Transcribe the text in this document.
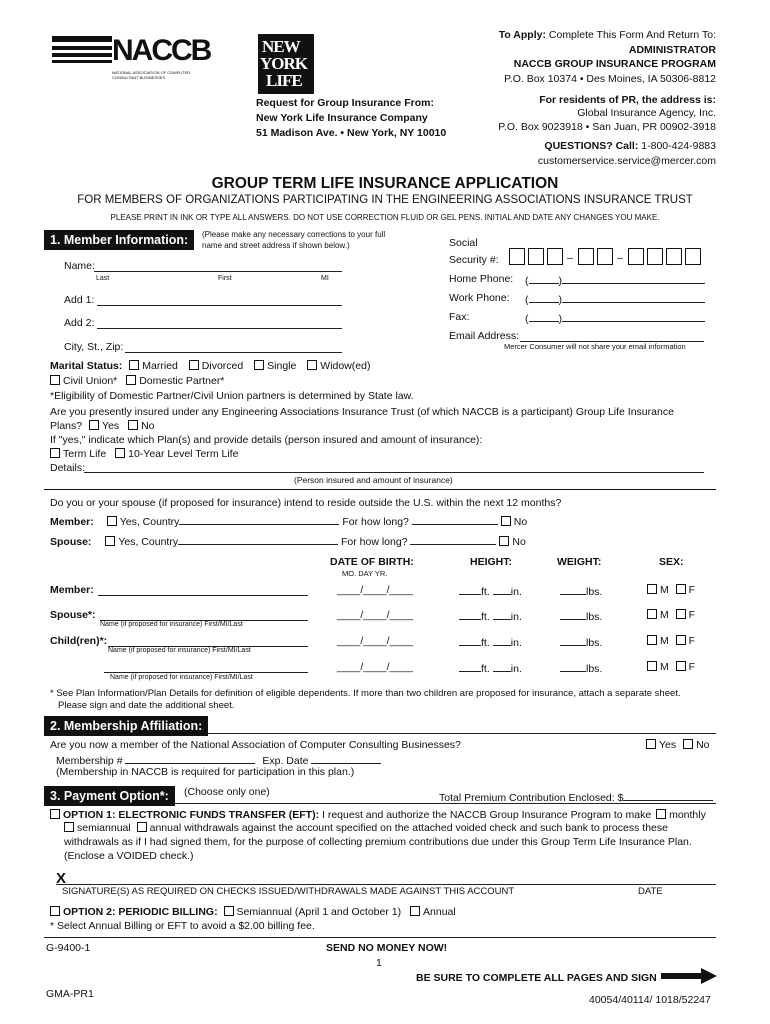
NACCB
NATIONAL ASSOCIATION OF COMPUTER CONSULTANT BUSINESSES
NEW
YORK
LIFE
Request for Group Insurance From:
New York Life Insurance Company
51 Madison Ave. • New York, NY 10010
To Apply: Complete This Form And Return To:
ADMINISTRATOR
NACCB GROUP INSURANCE PROGRAM
P.O. Box 10374 • Des Moines, IA 50306-8812
For residents of PR, the address is:
Global Insurance Agency, Inc.
P.O. Box 9023918 • San Juan, PR 00902-3918
QUESTIONS? Call: 1-800-424-9883
customerservice.service@mercer.com
GROUP TERM LIFE INSURANCE APPLICATION
FOR MEMBERS OF ORGANIZATIONS PARTICIPATING IN THE ENGINEERING ASSOCIATIONS INSURANCE TRUST
PLEASE PRINT IN INK OR TYPE ALL ANSWERS. DO NOT USE CORRECTION FLUID OR GEL PENS. INITIAL AND DATE ANY CHANGES YOU MAKE.
1. Member Information:	(Please make any necessary corrections to your full name and street address if shown below.)
Name:
Last	First	MI
Add 1:
Add 2:
City, St., Zip:
Social
Security #:	–	–
Home Phone: (	)
Work Phone: (	)
Fax:	(	)
Email Address:
Mercer Consumer will not share your email information
Marital Status: Married Divorced Single Widow(ed)
Civil Union* Domestic Partner*
*Eligibility of Domestic Partner/Civil Union partners is determined by State law.
Are you presently insured under any Engineering Associations Insurance Trust (of which NACCB is a participant) Group Life Insurance
Plans? Yes No
If "yes," indicate which Plan(s) and provide details (person insured and amount of insurance):
Term Life 10-Year Level Term Life
Details:
(Person insured and amount of insurance)
Do you or your spouse (if proposed for insurance) intend to reside outside the U.S. within the next 12 months?
Member: Yes, Country	For how long?	No
Spouse:	Yes, Country	For how long?	No
DATE OF BIRTH:
MO. DAY YR.
HEIGHT:	WEIGHT:	SEX:
Member:	____/____/____	ft. in.	lbs.	M F
Spouse*:
Name (if proposed for insurance) First/MI/Last
____/____/____	ft. in.	lbs.	M F
Child(ren)*:
Name (if proposed for insurance) First/MI/Last
____/____/____	ft. in.	lbs.	M F
Name (if proposed for insurance) First/MI/Last
____/____/____	ft. in.	lbs.	M F
* See Plan Information/Plan Details for definition of eligible dependents. If more than two children are proposed for insurance, attach a separate sheet.
Please sign and date the additional sheet.
2. Membership Affiliation:
Are you now a member of the National Association of Computer Consulting Businesses?	Yes No
Membership #	Exp. Date
(Membership in NACCB is required for participation in this plan.)
3. Payment Option*:	(Choose only one)	Total Premium Contribution Enclosed: $
OPTION 1: ELECTRONIC FUNDS TRANSFER (EFT): I request and authorize the NACCB Group Insurance Program to make monthly
semiannual annual withdrawals against the account specified on the attached voided check and such bank to process these
withdrawals as if I had signed them, for the purpose of collecting premium contributions due under this Group Term Life Insurance Plan.
(Enclose a VOIDED check.)
X
SIGNATURE(S) AS REQUIRED ON CHECKS ISSUED/WITHDRAWALS MADE AGAINST THIS ACCOUNT	DATE
OPTION 2: PERIODIC BILLING: Semiannual (April 1 and October 1) Annual
* Select Annual Billing or EFT to avoid a $2.00 billing fee.
G-9400-1	SEND NO MONEY NOW!
1
BE SURE TO COMPLETE ALL PAGES AND SIGN
GMA-PR1	40054/40114/ 1018/52247
